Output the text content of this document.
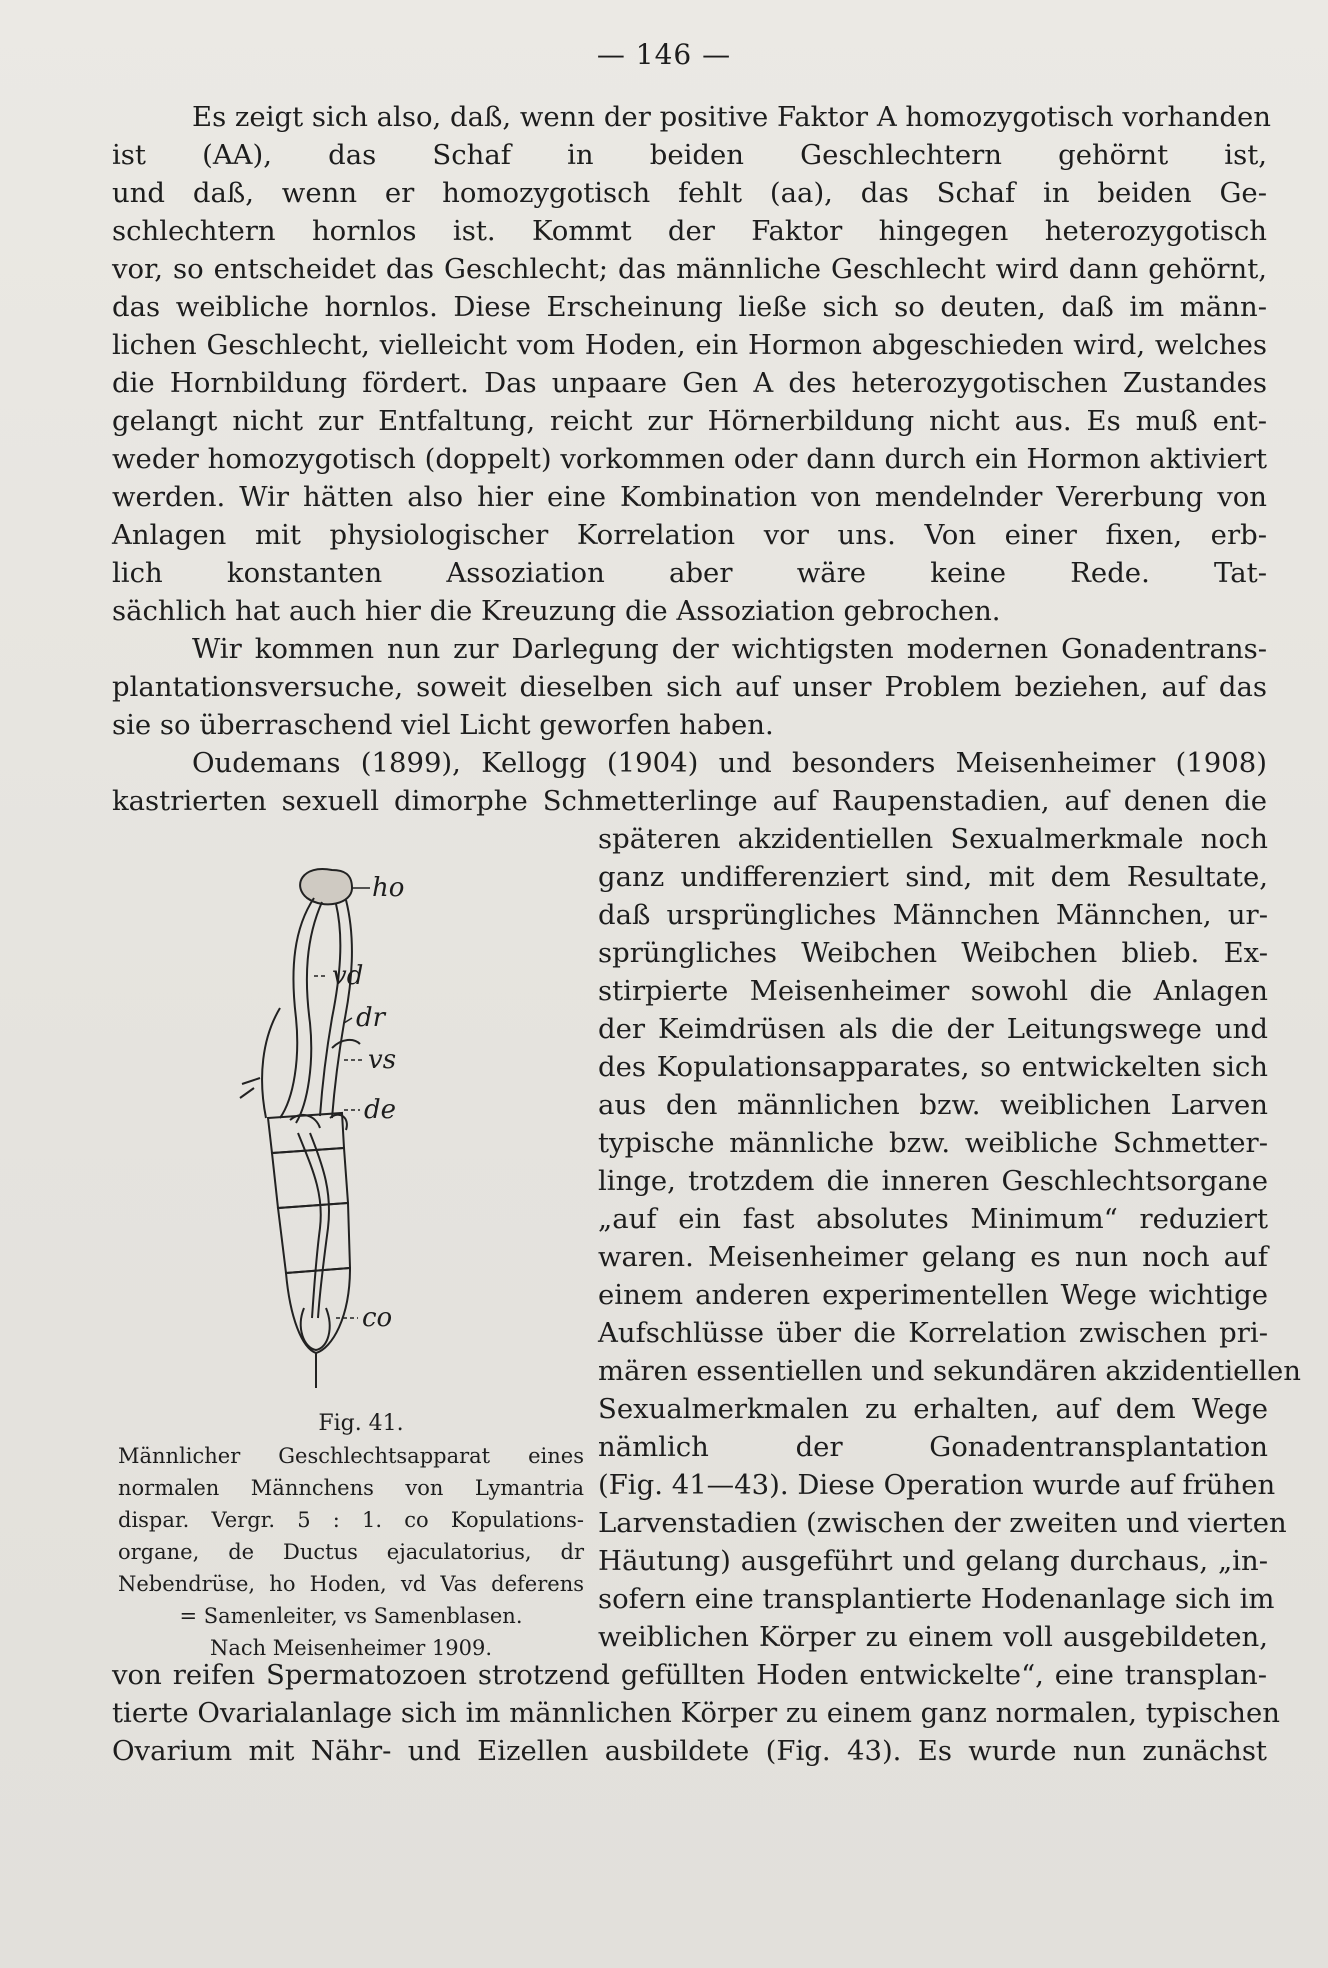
— 146 —
Es zeigt sich also, daß, wenn der positive Faktor A homozygotisch vorhanden
ist (AA), das Schaf in beiden Geschlechtern gehörnt ist,
und daß, wenn er homozygotisch fehlt (aa), das Schaf in beiden Ge-
schlechtern hornlos ist. Kommt der Faktor hingegen heterozygotisch
vor, so entscheidet das Geschlecht; das männliche Geschlecht wird dann gehörnt,
das weibliche hornlos. Diese Erscheinung ließe sich so deuten, daß im männ-
lichen Geschlecht, vielleicht vom Hoden, ein Hormon abgeschieden wird, welches
die Hornbildung fördert. Das unpaare Gen A des heterozygotischen Zustandes
gelangt nicht zur Entfaltung, reicht zur Hörnerbildung nicht aus. Es muß ent-
weder homozygotisch (doppelt) vorkommen oder dann durch ein Hormon aktiviert
werden. Wir hätten also hier eine Kombination von mendelnder Vererbung von
Anlagen mit physiologischer Korrelation vor uns. Von einer fixen, erb-
lich konstanten Assoziation aber wäre keine Rede. Tat-
sächlich hat auch hier die Kreuzung die Assoziation gebrochen.
Wir kommen nun zur Darlegung der wichtigsten modernen Gonadentrans-
plantationsversuche, soweit dieselben sich auf unser Problem beziehen, auf das
sie so überraschend viel Licht geworfen haben.
Oudemans (1899), Kellogg (1904) und besonders Meisenheimer (1908)
kastrierten sexuell dimorphe Schmetterlinge auf Raupenstadien, auf denen die
späteren akzidentiellen Sexualmerkmale noch
ganz undifferenziert sind, mit dem Resultate,
daß ursprüngliches Männchen Männchen, ur-
sprüngliches Weibchen Weibchen blieb. Ex-
stirpierte Meisenheimer sowohl die Anlagen
der Keimdrüsen als die der Leitungswege und
des Kopulationsapparates, so entwickelten sich
aus den männlichen bzw. weiblichen Larven
typische männliche bzw. weibliche Schmetter-
linge, trotzdem die inneren Geschlechtsorgane
„auf ein fast absolutes Minimum“ reduziert
waren. Meisenheimer gelang es nun noch auf
einem anderen experimentellen Wege wichtige
Aufschlüsse über die Korrelation zwischen pri-
mären essentiellen und sekundären akzidentiellen
Sexualmerkmalen zu erhalten, auf dem Wege
nämlich der Gonadentransplantation
(Fig. 41—43). Diese Operation wurde auf frühen
Larvenstadien (zwischen der zweiten und vierten
Häutung) ausgeführt und gelang durchaus, „in-
sofern eine transplantierte Hodenanlage sich im
weiblichen Körper zu einem voll ausgebildeten,
von reifen Spermatozoen strotzend gefüllten Hoden entwickelte“, eine transplan-
tierte Ovarialanlage sich im männlichen Körper zu einem ganz normalen, typischen
Ovarium mit Nähr- und Eizellen ausbildete (Fig. 43). Es wurde nun zunächst
ho
vd
dr
vs
de
co
Fig. 41.
Männlicher Geschlechtsapparat eines
normalen Männchens von Lymantria
dispar. Vergr. 5 : 1. co Kopulations-
organe, de Ductus ejaculatorius, dr
Nebendrüse, ho Hoden, vd Vas deferens
= Samenleiter, vs Samenblasen.
Nach Meisenheimer 1909.
